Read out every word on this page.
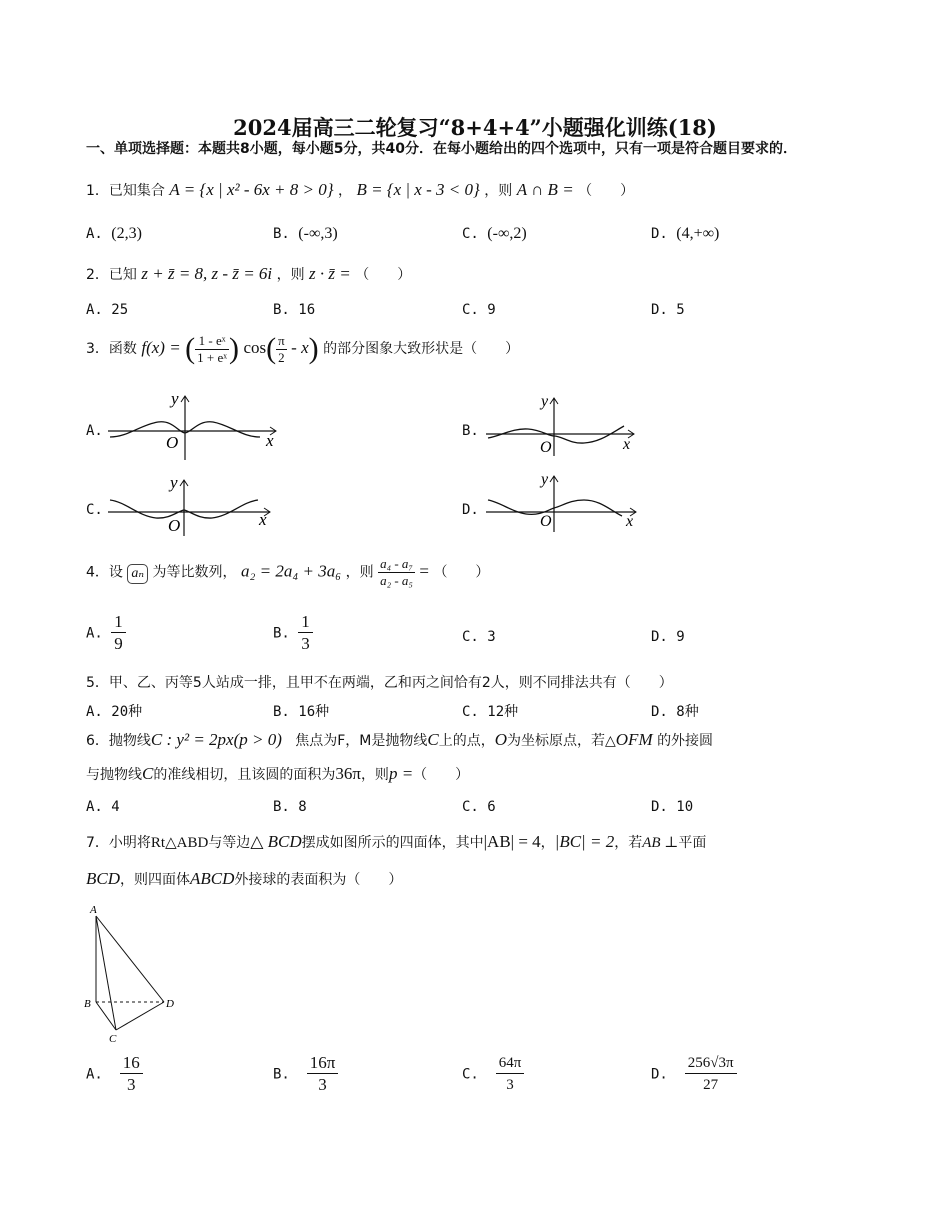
2024届高三二轮复习“8+4+4”小题强化训练(18)
一、单项选择题：本题共8小题，每小题5分，共40分．在每小题给出的四个选项中，只有一项是符合题目要求的．
1．已知集合 A = {x | x² - 6x + 8 > 0} ， B = {x | x - 3 < 0} ，则 A ∩ B = （　　）
A. (2,3)	B. (-∞,3)	C. (-∞,2)	D. (4,+∞)
2．已知 z + z̄ = 8, z - z̄ = 6i ，则 z · z̄ = （　　）
A. 25	B. 16	C. 9	D. 5
3．函数 f(x) = ( $\frac{\text{1 - eˣ}}{\text{1 + eˣ}}$ ) $\cos( \frac{\pi}{2} - x)$ 的部分图象大致形状是（　　）
A.	B.
C.	D.
y
x
O
y
x
O
y
x
O
y
x
O
4．设 aₙ 为等比数列， a₂ = 2a₄ + 3a₆ ，则 $\frac{\text{a₄ - a₇}}{\text{a₂ - a₅}}$ = （　　）
A. $\frac{1}{9}$	B. $\frac{1}{3}$	C. 3	D. 9
5．甲、乙、丙等5人站成一排，且甲不在两端，乙和丙之间恰有2人，则不同排法共有（　　）
A. 20种	B. 16种	C. 12种	D. 8种
6．抛物线C : y² = 2px(p > 0) 焦点为F，M是抛物线C上的点，O为坐标原点，若△OFM 的外接圆
与抛物线C的准线相切，且该圆的面积为36π，则p =（　　）
A. 4	B. 8	C. 6	D. 10
7．小明将Rt△ABD与等边△ BCD摆成如图所示的四面体，其中|AB| = 4，|BC| = 2，若AB ⊥平面
BCD，则四面体ABCD外接球的表面积为（　　）
A
B
C
D
A. $\frac{16}{3}$	B. $\frac{16\pi}{3}$	C. $\frac{64\pi}{3}$	D. $\frac{256√3\pi}{27}$
